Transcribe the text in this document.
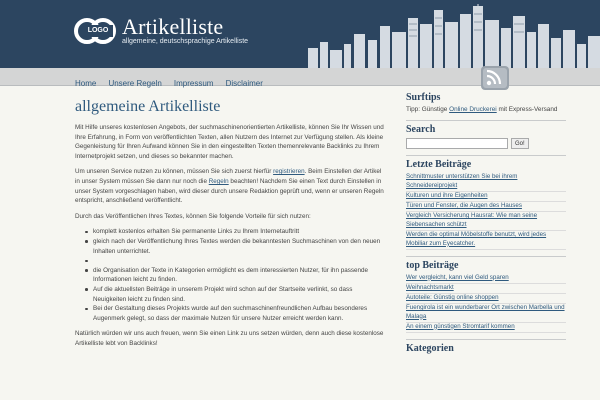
LOGO Artikelliste
allgemeine, deutschsprachige Artikelliste
Home Unsere Regeln Impressum Disclaimer
allgemeine Artikelliste

Mit Hilfe unseres kostenlosen Angebots, der suchmaschinenorientierten Artikelliste, können Sie Ihr Wissen und Ihre Erfahrung, in Form von veröffentlichten Texten, allen Nutzern des Internet zur Verfügung stellen. Als kleine Gegenleistung für Ihren Aufwand können Sie in den eingestellten Texten themenrelevante Backlinks zu Ihrem Internetprojekt setzen, und dieses so bekannter machen.

Um unseren Service nutzen zu können, müssen Sie sich zuerst hierfür registrieren. Beim Einstellen der Artikel in unser System müssen Sie dann nur noch die Regeln beachten! Nachdem Sie einen Text durch Einstellen in unser System vorgeschlagen haben, wird dieser durch unsere Redaktion geprüft und, wenn er unseren Regeln entspricht, anschließend veröffentlicht.

Durch das Veröffentlichen Ihres Textes, können Sie folgende Vorteile für sich nutzen:

komplett kostenlos erhalten Sie permanente Links zu Ihrem Internetauftritt
gleich nach der Veröffentlichung Ihres Textes werden die bekanntesten Suchmaschinen von den neuen Inhalten unterrichtet.
die Organisation der Texte in Kategorien ermöglicht es dem interessierten Nutzer, für ihn passende Informationen leicht zu finden.
Auf die aktuellsten Beiträge in unserem Projekt wird schon auf der Startseite verlinkt, so dass Neuigkeiten leicht zu finden sind.
Bei der Gestaltung dieses Projekts wurde auf den suchmaschinenfreundlichen Aufbau besonderes Augenmerk gelegt, so dass der maximale Nutzen für unsere Nutzer erreicht werden kann.

Natürlich würden wir uns auch freuen, wenn Sie einen Link zu uns setzen würden, denn auch diese kostenlose Artikelliste lebt von Backlinks!

Surftips
Tipp: Günstige Online Druckerei mit Express-Versand
Search
Go!
Letzte Beiträge
Schnittmuster unterstützen Sie bei ihrem Schneidereiprojekt
Kulturen und ihre Eigenheiten
Türen und Fenster, die Augen des Hauses
Vergleich Versicherung Hausrat: Wie man seine Siebensachen schützt
Werden die optimal Möbelstoffe benutzt, wird jedes Mobiliar zum Eyecatcher.
top Beiträge
Wer vergleicht, kann viel Geld sparen
Weihnachtsmarkt
Autoteile: Günstig online shoppen
Fuengirola ist ein wunderbarer Ort zwischen Marbella und Malaga
An einem günstigen Stromtarif kommen
Kategorien
